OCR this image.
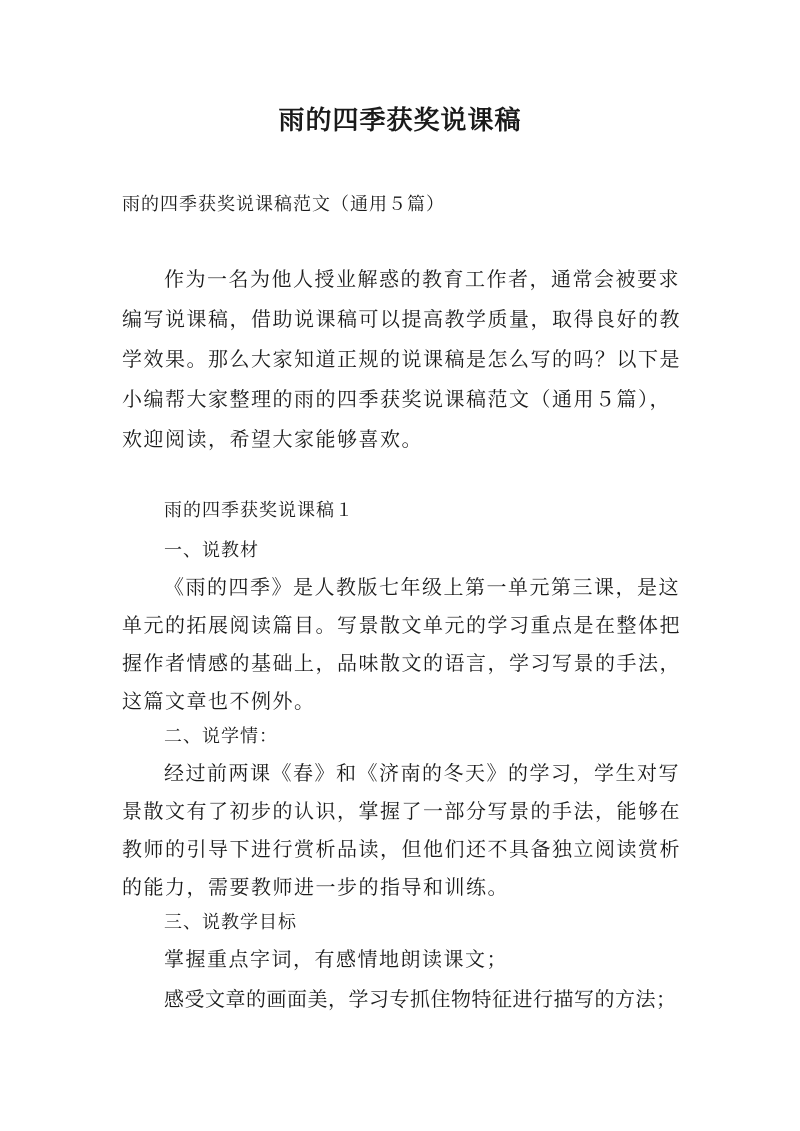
雨的四季获奖说课稿
雨的四季获奖说课稿范文（通用５篇）
作为一名为他人授业解惑的教育工作者，通常会被要求
编写说课稿，借助说课稿可以提高教学质量，取得良好的教
学效果。那么大家知道正规的说课稿是怎么写的吗？以下是
小编帮大家整理的雨的四季获奖说课稿范文（通用５篇），
欢迎阅读，希望大家能够喜欢。
雨的四季获奖说课稿１
一、说教材
《雨的四季》是人教版七年级上第一单元第三课，是这
单元的拓展阅读篇目。写景散文单元的学习重点是在整体把
握作者情感的基础上，品味散文的语言，学习写景的手法，
这篇文章也不例外。
二、说学情：
经过前两课《春》和《济南的冬天》的学习，学生对写
景散文有了初步的认识，掌握了一部分写景的手法，能够在
教师的引导下进行赏析品读，但他们还不具备独立阅读赏析
的能力，需要教师进一步的指导和训练。
三、说教学目标
掌握重点字词，有感情地朗读课文；
感受文章的画面美，学习专抓住物特征进行描写的方法；
